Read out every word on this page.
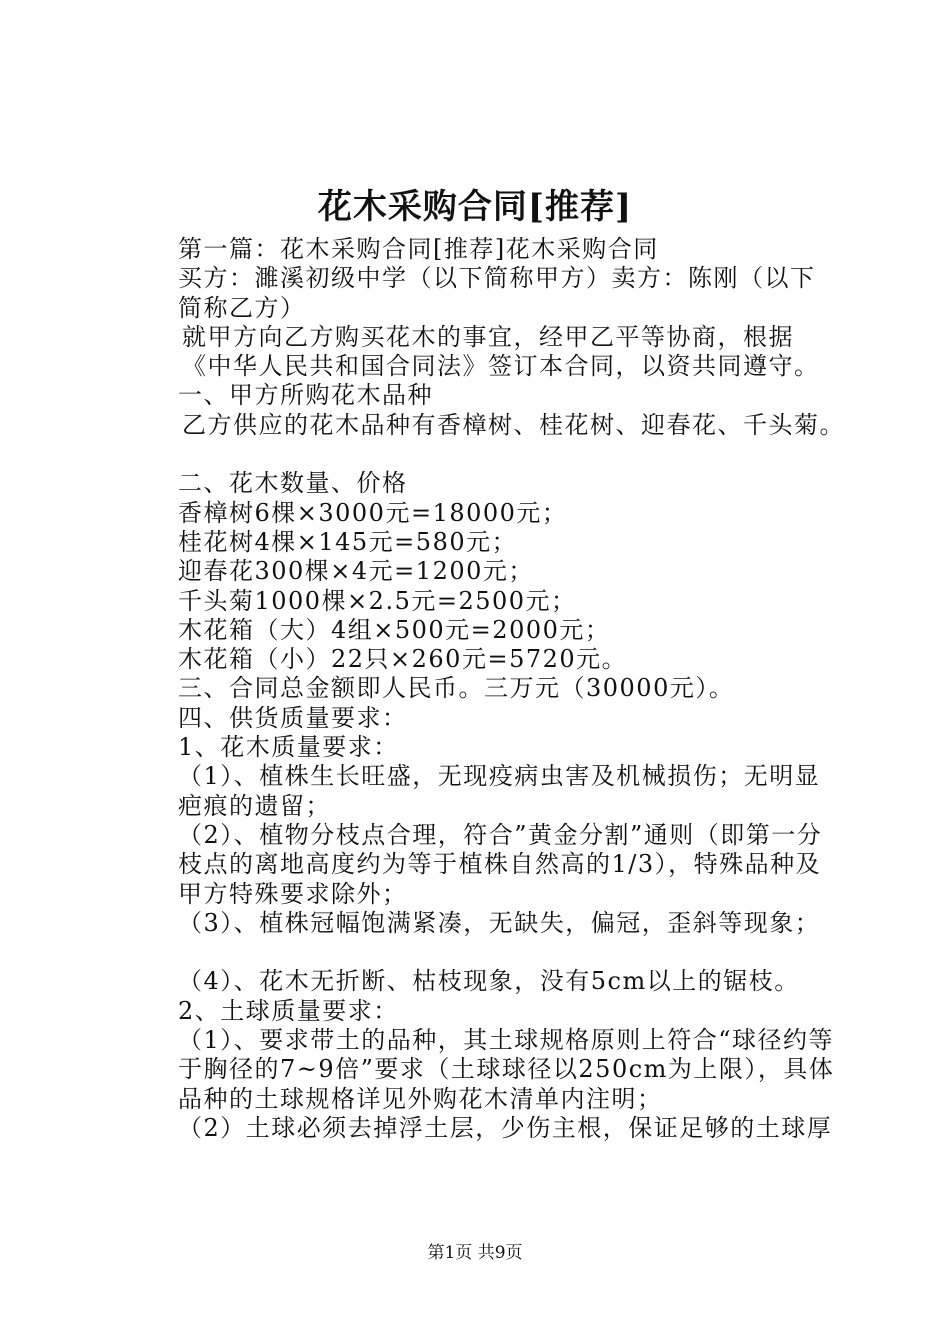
花木采购合同[推荐]

第一篇：花木采购合同[推荐]花木采购合同

买方：濉溪初级中学（以下简称甲方）卖方：陈刚（以下简称乙方）

就甲方向乙方购买花木的事宜，经甲乙平等协商，根据《中华人民共和国合同法》签订本合同，以资共同遵守。

一、甲方所购花木品种

乙方供应的花木品种有香樟树、桂花树、迎春花、千头菊。

二、花木数量、价格

香樟树6棵×3000元=18000元；

桂花树4棵×145元=580元；

迎春花300棵×4元=1200元；

千头菊1000棵×2.5元=2500元；

木花箱（大）4组×500元=2000元；

木花箱（小）22只×260元=5720元。

三、合同总金额即人民币。三万元（30000元）。

四、供货质量要求：

1、花木质量要求：

（1）、植株生长旺盛，无现疫病虫害及机械损伤；无明显疤痕的遗留；

（2）、植物分枝点合理，符合”黄金分割”通则（即第一分枝点的离地高度约为等于植株自然高的1/3），特殊品种及甲方特殊要求除外；

（3）、植株冠幅饱满紧凑，无缺失，偏冠，歪斜等现象；

（4）、花木无折断、枯枝现象，没有5cm以上的锯枝。

2、土球质量要求：

（1）、要求带土的品种，其土球规格原则上符合“球径约等于胸径的7~9倍”要求（土球球径以250cm为上限），具体品种的土球规格详见外购花木清单内注明；

（2）土球必须去掉浮土层，少伤主根，保证足够的土球厚

第1页 共9页
